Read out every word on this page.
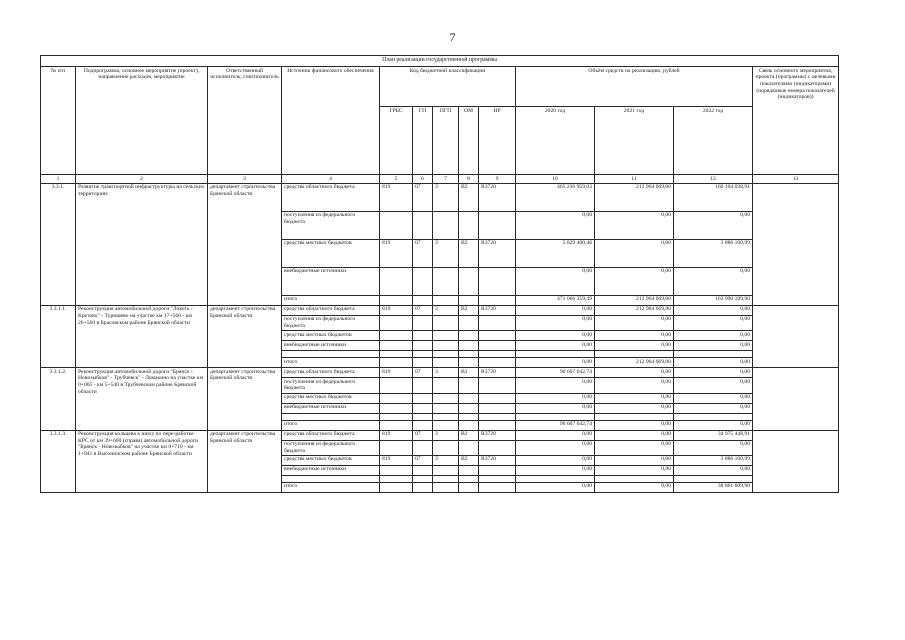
7
План реализации государственной программы												
№ п/п	Подпрограмма, основное мероприятие (проект), направление расходов, мероприятие	Ответственный исполнитель, соисполнитель	Источник финансового обеспечения	Код бюджетной классификации					Объём средств на реализацию, рублей			Связь основного мероприятия, проекта (программы) с целевыми показателями (индикаторами) (порядковые номера показателей (индикаторов))
				ГРБС	ГП	ПГП	ОМ	НР	2020 год	2021 год	2022 год	
1	2	3	4	5	6	7	8	9	10	11	12	13
3.3.1.	Развитие транспортной инфраструктуры на сельских территориях	департамент строительства Брянской области	средства областного бюджета	819	07	3	В2	R3720	465 236 959,03	212 964 669,00	160 104 038,91	
			поступления из федерального бюджета						0,00	0,00	0,00	
			средства местных бюджетов	819	07	3	В2	R3720	5 829 400,46	0,00	3 886 160,99	
			внебюджетные источники						0,00	0,00	0,00	
			итого						471 066 359,49	212 964 669,00	163 990 199,90	
3.3.1.1.	Реконструкция автомобильной дороги "Локоть - Кретово" - Туришево на участке км 17+560 - км 26+560 в Брасовском районе Брянской области	департамент строительства Брянской области	средства областного бюджета	819	07	3	В2	R3720	0,00	212 964 669,00	0,00	
			поступления из федерального бюджета						0,00	0,00	0,00	
			средства местных бюджетов						0,00	0,00	0,00	
			внебюджетные источники						0,00	0,00	0,00	

			итого						0,00	212 964 669,00	0,00	
3.3.1.2.	Реконструкция автомобильной дороги "Брянск - Новозыбков" - Трубчевск" - Ломакино на участке км 0+005 - км 5+540 в Трубчевском районе Брянской области	департамент строительства Брянской области	средства областного бюджета	819	07	3	В2	R3720	90 607 642,74	0,00	0,00	
			поступления из федерального бюджета						0,00	0,00	0,00	
			средства местных бюджетов						0,00	0,00	0,00	
			внебюджетные источники						0,00	0,00	0,00	

			итого						90 607 642,74	0,00	0,00	
3.3.1.3.	Реконструкция кольцева к шиху по пере-работке КРС от км 39+600 (справа) автомобильной дороги "Брянск - Новозыбков" на участке км 0+710 - км 1+941 в Выгоничском районе Брянской области	департамент строительства Брянской области	средства областного бюджета	819	07	3	В2	R3720	0,00	0,00	34 975 448,91	
			поступления из федерального бюджета						0,00	0,00	0,00	
			средства местных бюджетов	819	07	3	В2	R3720	0,00	0,00	3 886 160,99	
			внебюджетные источники						0,00	0,00	0,00	

			итого						0,00	0,00	38 861 609,90	
